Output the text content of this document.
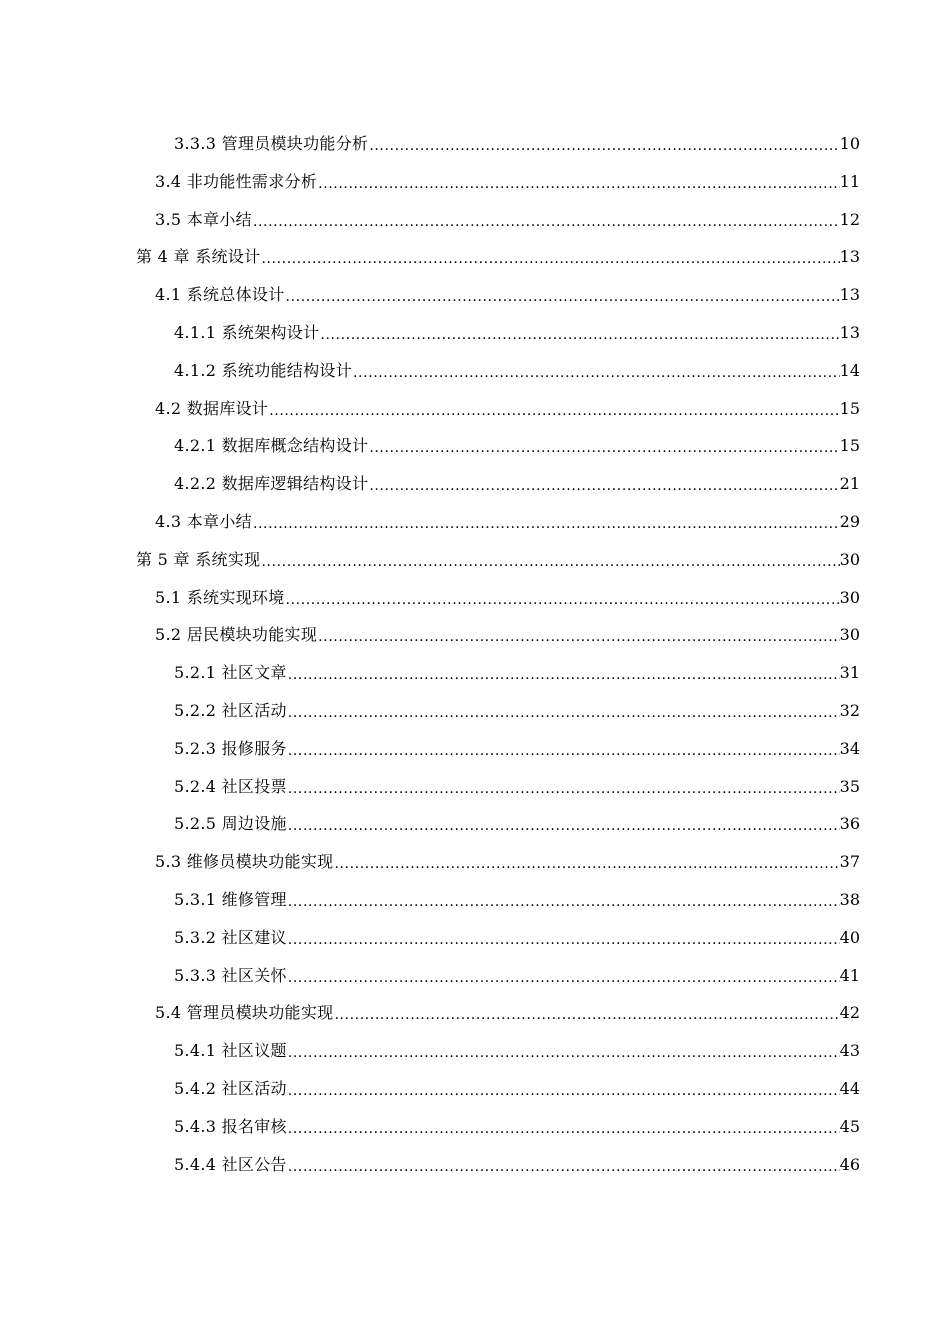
3.3.3 管理员模块功能分析 .....	10
3.4 非功能性需求分析 .....	11
3.5 本章小结 .....	12
第 4 章 系统设计 .....	13
4.1 系统总体设计 .....	13
4.1.1 系统架构设计 .....	13
4.1.2 系统功能结构设计 .....	14
4.2 数据库设计 .....	15
4.2.1 数据库概念结构设计 .....	15
4.2.2 数据库逻辑结构设计 .....	21
4.3 本章小结 .....	29
第 5 章 系统实现 .....	30
5.1 系统实现环境 .....	30
5.2 居民模块功能实现 .....	30
5.2.1 社区文章 .....	31
5.2.2 社区活动 .....	32
5.2.3 报修服务 .....	34
5.2.4 社区投票 .....	35
5.2.5 周边设施 .....	36
5.3 维修员模块功能实现 .....	37
5.3.1 维修管理 .....	38
5.3.2 社区建议 .....	40
5.3.3 社区关怀 .....	41
5.4 管理员模块功能实现 .....	42
5.4.1 社区议题 .....	43
5.4.2 社区活动 .....	44
5.4.3 报名审核 .....	45
5.4.4 社区公告 .....	46
